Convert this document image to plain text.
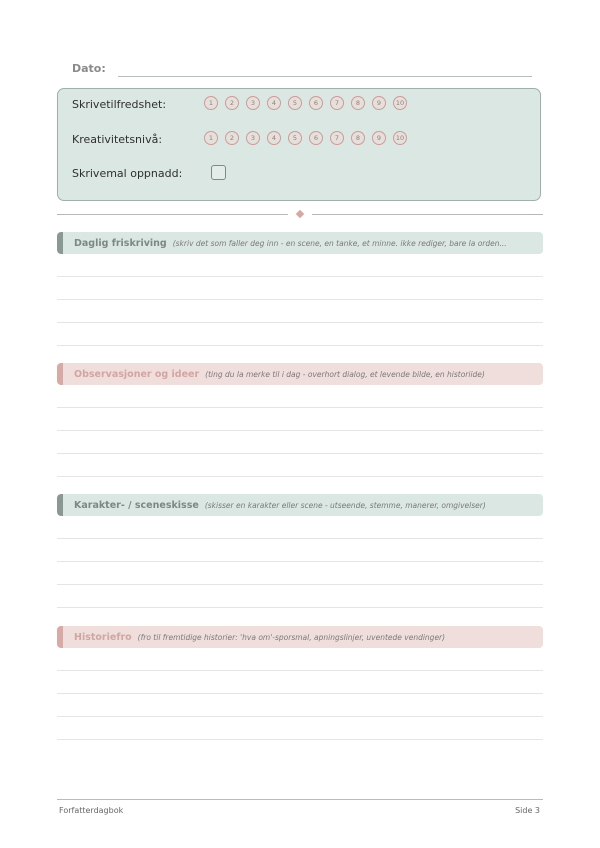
Dato:
Skrivetilfredshet:	1	2	3	4	5	6	7	8	9	10
Kreativitetsnivå:	1	2	3	4	5	6	7	8	9	10
Skrivemal oppnadd:
Daglig friskriving (skriv det som faller deg inn - en scene, en tanke, et minne. ikke rediger, bare la orden...
Observasjoner og ideer (ting du la merke til i dag - overhort dialog, et levende bilde, en historiide)
Karakter- / sceneskisse (skisser en karakter eller scene - utseende, stemme, manerer, omgivelser)
Historiefro (fro til fremtidige historier: 'hva om'-sporsmal, apningslinjer, uventede vendinger)
Forfatterdagbok	Side 3
